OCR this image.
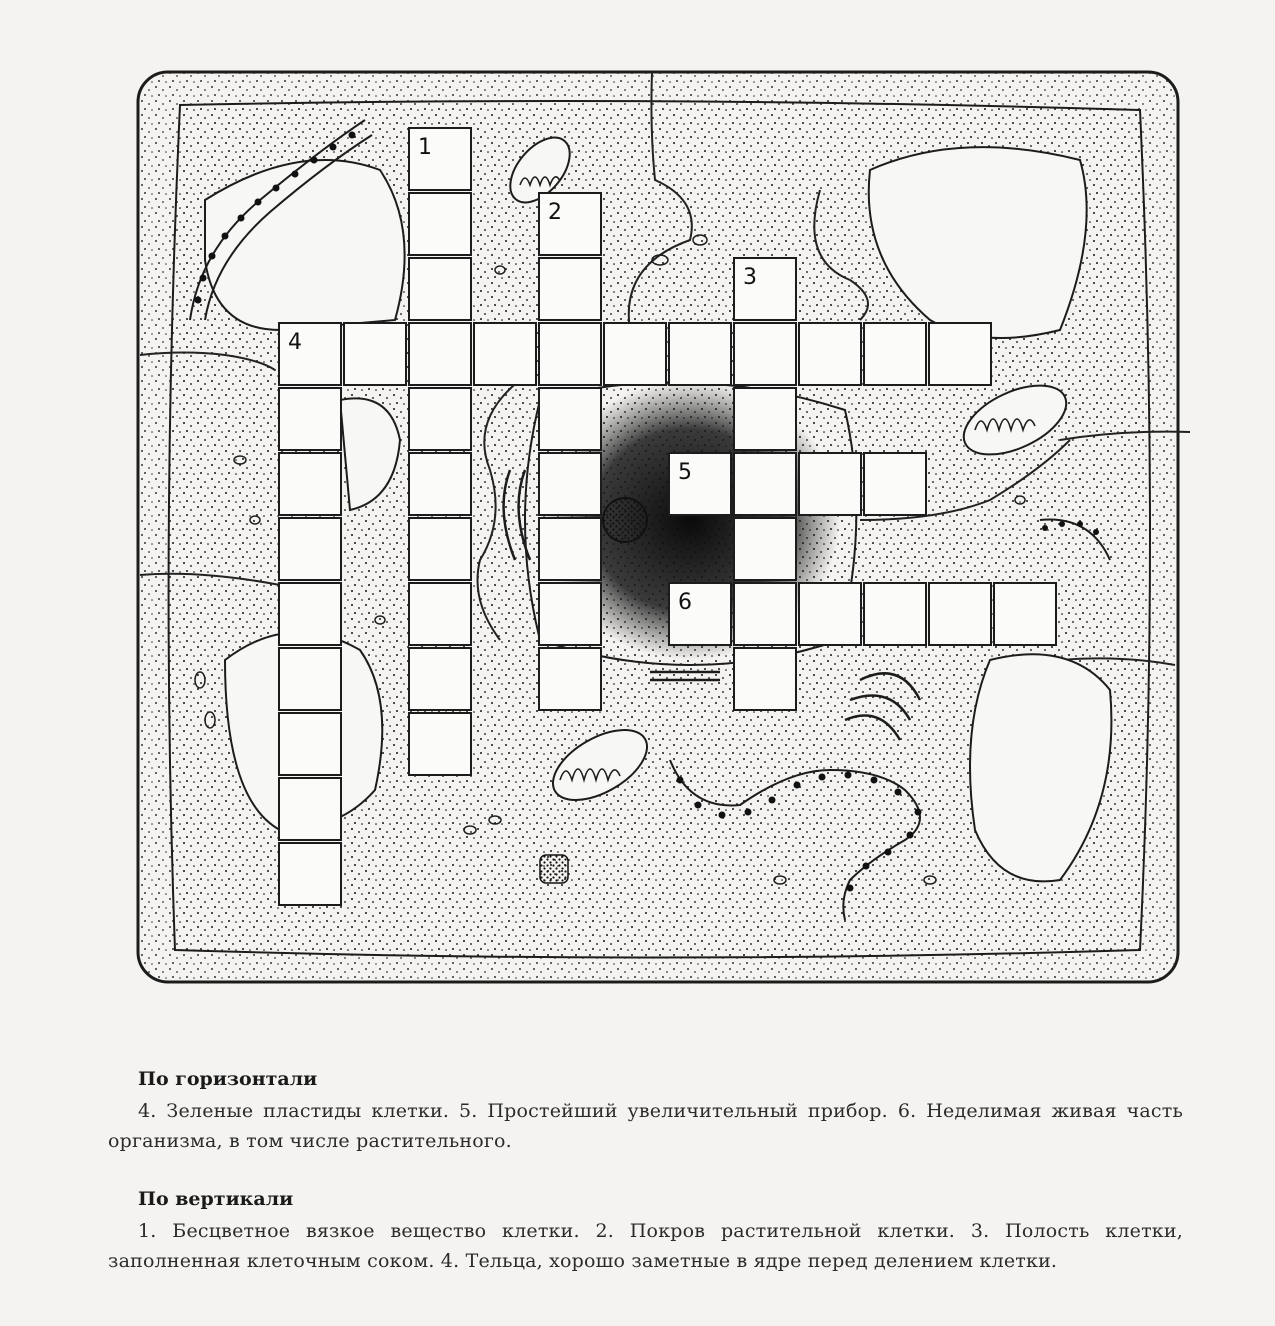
4
1
2
3
5
6
По горизонтали

4. Зеленые пластиды клетки. 5. Простейший увеличительный прибор. 6. Неделимая живая часть организма, в том числе растительного.

По вертикали

1. Бесцветное вязкое вещество клетки. 2. Покров растительной клетки. 3. Полость клетки, заполненная клеточным соком. 4. Тельца, хорошо заметные в ядре перед делением клетки.
